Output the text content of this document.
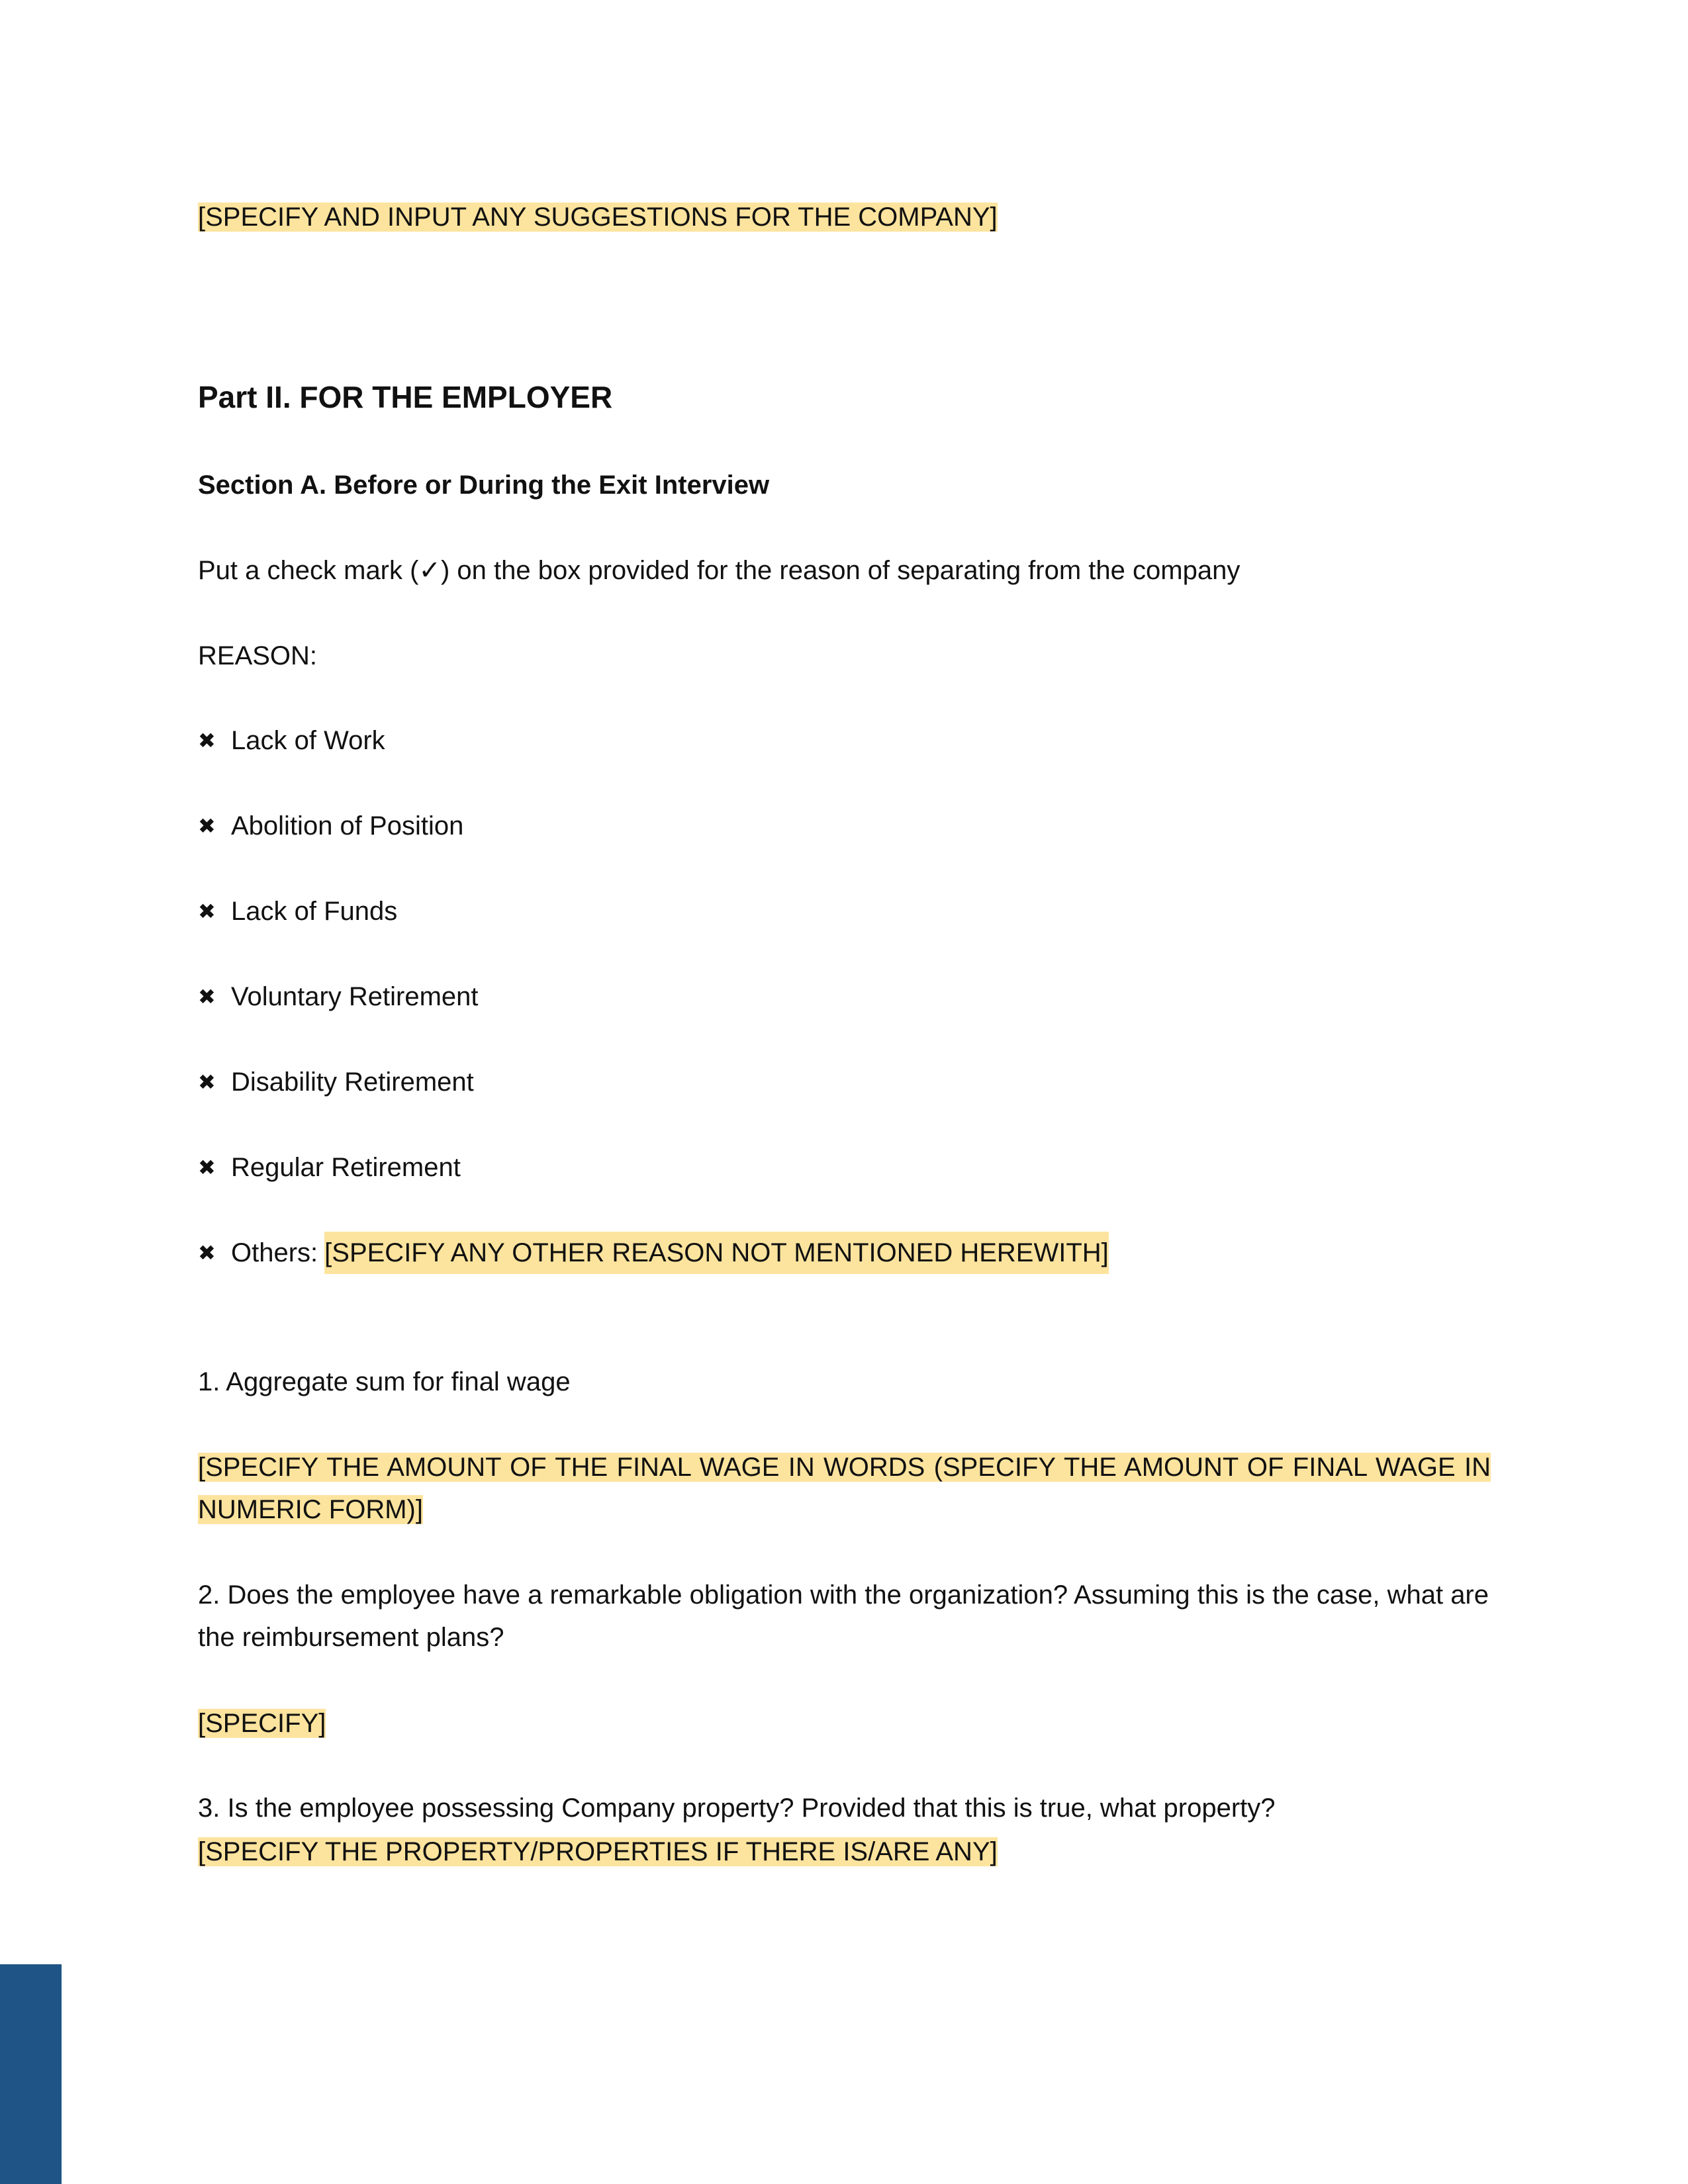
[SPECIFY AND INPUT ANY SUGGESTIONS FOR THE COMPANY]
Part II. FOR THE EMPLOYER
Section A. Before or During the Exit Interview
Put a check mark (✓) on the box provided for the reason of separating from the company
REASON:
✖ Lack of Work
✖ Abolition of Position
✖ Lack of Funds
✖ Voluntary Retirement
✖ Disability Retirement
✖ Regular Retirement
✖ Others: [SPECIFY ANY OTHER REASON NOT MENTIONED HEREWITH]
1. Aggregate sum for final wage
[SPECIFY THE AMOUNT OF THE FINAL WAGE IN WORDS (SPECIFY THE AMOUNT OF FINAL WAGE IN NUMERIC FORM)]
2. Does the employee have a remarkable obligation with the organization? Assuming this is the case, what are the reimbursement plans?
[SPECIFY]
3. Is the employee possessing Company property? Provided that this is true, what property?
[SPECIFY THE PROPERTY/PROPERTIES IF THERE IS/ARE ANY]
